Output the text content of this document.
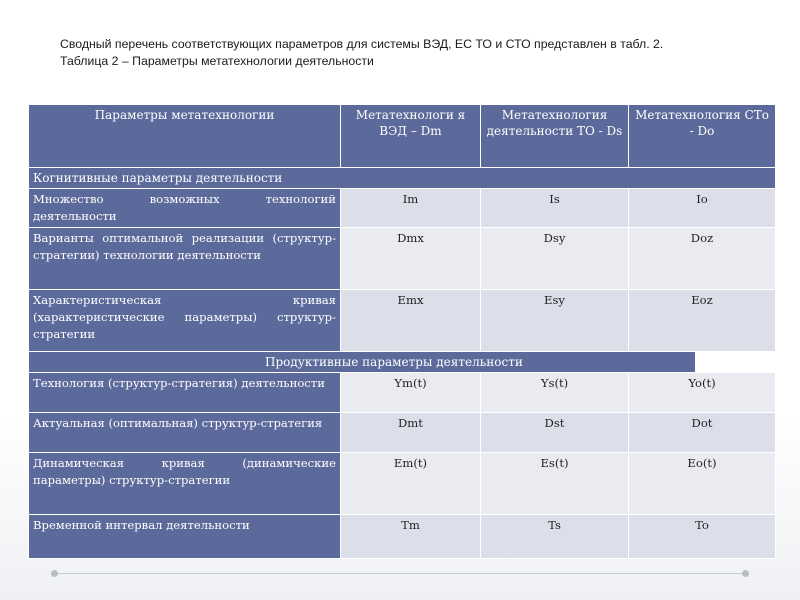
Сводный перечень соответствующих параметров для системы ВЭД, ЕС ТО и СТО представлен в табл. 2.

Таблица 2 – Параметры метатехнологии деятельности

Параметры метатехнологии	Метатехнологи я ВЭД – Dm	Метатехнология деятельности ТО - Ds	Метатехнология СТо - Do
Когнитивные параметры деятельности
Множество возможных технологий деятельности	Im	Is	Io
Варианты оптимальной реализации (структур-стратегии) технологии деятельности	Dmx	Dsy	Doz
Характеристическая кривая (характеристические параметры) структур-стратегии	Emx	Esy	Eoz
	Продуктивные параметры деятельности
Технология (структур-стратегия) деятельности	Ym(t)	Ys(t)	Yo(t)
Актуальная (оптимальная) структур-стратегия	Dmt	Dst	Dot
Динамическая кривая (динамические параметры) структур-стратегии	Em(t)	Es(t)	Eo(t)
Временной интервал деятельности	Tm	Ts	To
